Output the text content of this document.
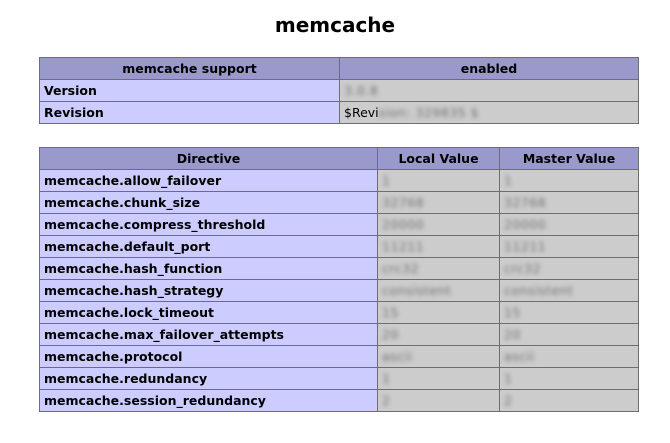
memcache
memcache support	enabled
Version	3.0.8
Revision	$Revision: 329835 $
Directive	Local Value	Master Value
memcache.allow_failover	1	1
memcache.chunk_size	32768	32768
memcache.compress_threshold	20000	20000
memcache.default_port	11211	11211
memcache.hash_function	crc32	crc32
memcache.hash_strategy	consistent	consistent
memcache.lock_timeout	15	15
memcache.max_failover_attempts	20	20
memcache.protocol	ascii	ascii
memcache.redundancy	1	1
memcache.session_redundancy	2	2
